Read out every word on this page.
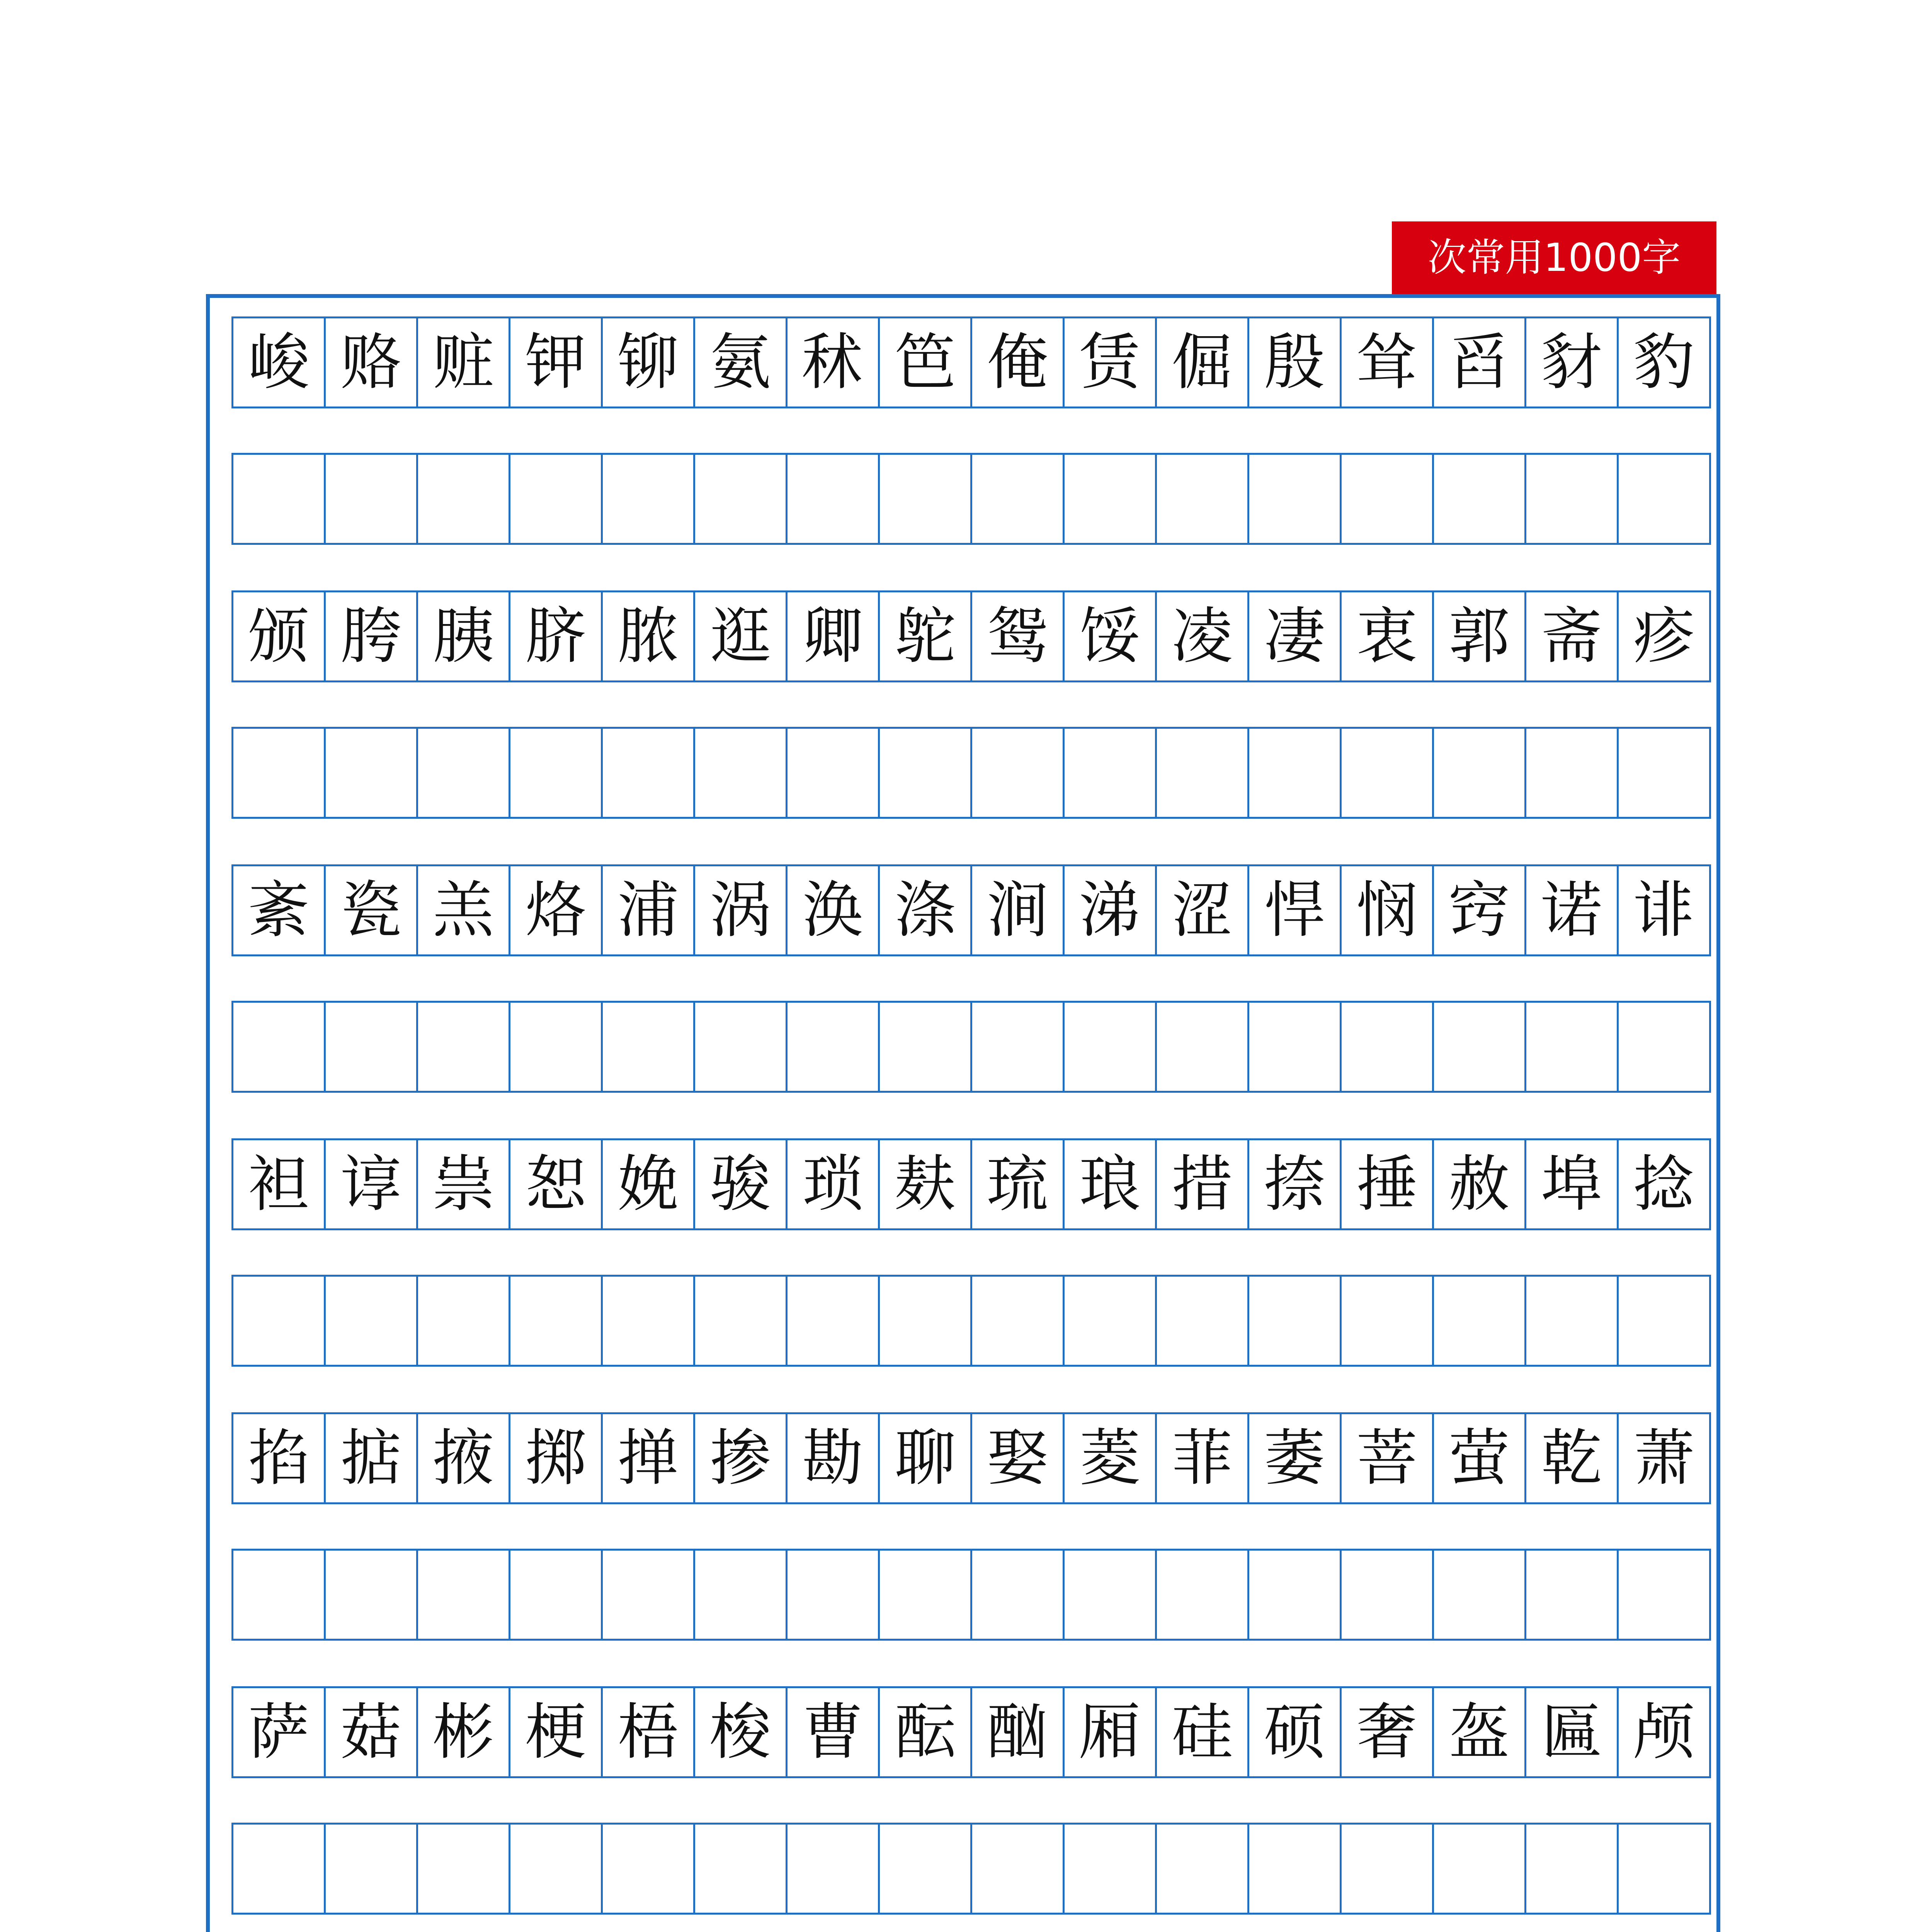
次常用1000字
峻 赂 赃 钾 铆 氨 秫 笆 俺 赁 倔 殷 耸 舀 豺 豹
颁 胯 胰 脐 脓 逛 卿 鸵 鸳 馁 凌 凄 衷 郭 斋 疹
紊 瓷 羔 烙 浦 涡 涣 涤 涧 涕 涩 悍 悯 窍 诺 诽
袒 谆 祟 恕 娩 骏 琐 麸 琉 琅 措 捺 捶 赦 埠 捻
掐 掂 掖 掷 掸 掺 勘 聊 娶 菱 菲 萎 菩 萤 乾 萧
萨 菇 彬 梗 梧 梭 曹 酝 酗 厢 硅 硕 奢 盔 匾 颅
